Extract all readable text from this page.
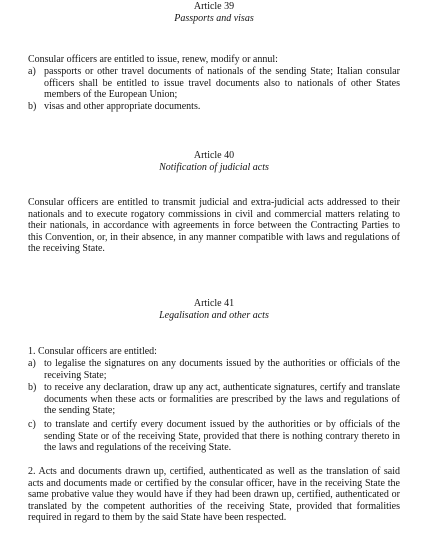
Article 39
Passports and visas
Consular officers are entitled to issue, renew, modify or annul:
a) passports or other travel documents of nationals of the sending State; Italian consular officers shall be entitled to issue travel documents also to nationals of other States members of the European Union;
b) visas and other appropriate documents.
Article 40
Notification of judicial acts
Consular officers are entitled to transmit judicial and extra-judicial acts addressed to their nationals and to execute rogatory commissions in civil and commercial matters relating to their nationals, in accordance with agreements in force between the Contracting Parties to this Convention, or, in their absence, in any manner compatible with laws and regulations of the receiving State.
Article 41
Legalisation and other acts
1. Consular officers are entitled:
a) to legalise the signatures on any documents issued by the authorities or officials of the receiving State;
b) to receive any declaration, draw up any act, authenticate signatures, certify and translate documents when these acts or formalities are prescribed by the laws and regulations of the sending State;
c) to translate and certify every document issued by the authorities or by officials of the sending State or of the receiving State, provided that there is nothing contrary thereto in the laws and regulations of the receiving State.
2. Acts and documents drawn up, certified, authenticated as well as the translation of said acts and documents made or certified by the consular officer, have in the receiving State the same probative value they would have if they had been drawn up, certified, authenticated or translated by the competent authorities of the receiving State, provided that formalities required in regard to them by the said State have been respected.
